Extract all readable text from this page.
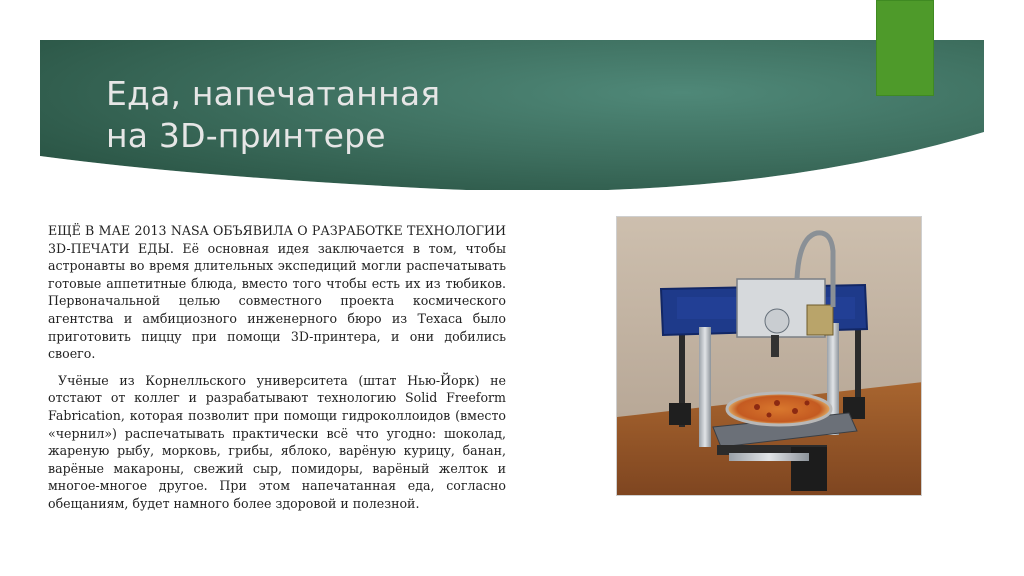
Еда, напечатанная
на 3D-принтере

ЕЩЁ В МАЕ 2013 NASA ОБЪЯВИЛА О РАЗРАБОТКЕ ТЕХНОЛОГИИ 3D-ПЕЧАТИ ЕДЫ. Её основная идея заключается в том, чтобы астронавты во время длительных экспедиций могли распечатывать готовые аппетитные блюда, вместо того чтобы есть их из тюбиков. Первоначальной целью совместного проекта космического агентства и амбициозного инженерного бюро из Техаса было приготовить пиццу при помощи 3D-принтера, и они добились своего.

Учёные из Корнелльского университета (штат Нью-Йорк) не отстают от коллег и разрабатывают технологию Solid Freeform Fabrication, которая позволит при помощи гидроколлоидов (вместо «чернил») распечатывать практически всё что угодно: шоколад, жареную рыбу, морковь, грибы, яблоко, варёную курицу, банан, варёные макароны, свежий сыр, помидоры, варёный желток и многое-многое другое. При этом напечатанная еда, согласно обещаниям, будет намного более здоровой и полезной.
